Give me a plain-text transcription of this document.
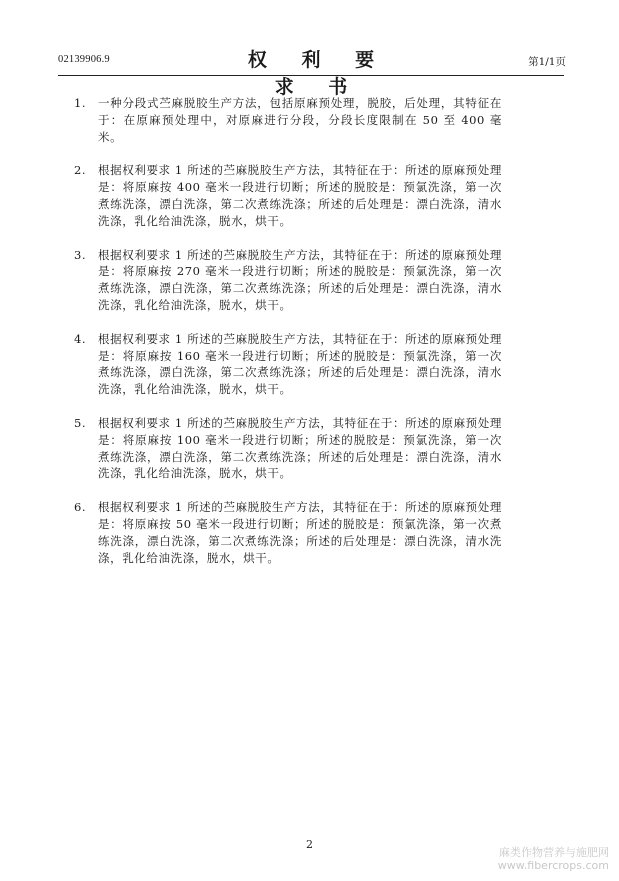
02139906.9	权 利 要 求 书
第1/1页
1. 一种分段式苎麻脱胶生产方法，包括原麻预处理，脱胶，后处理，其特征在于：在原麻预处理中，对原麻进行分段，分段长度限制在 50 至 400 毫米。
2. 根据权利要求 1 所述的苎麻脱胶生产方法，其特征在于：所述的原麻预处理是：将原麻按 400 毫米一段进行切断；所述的脱胶是：预氯洗涤，第一次煮练洗涤，漂白洗涤，第二次煮练洗涤；所述的后处理是：漂白洗涤，清水洗涤，乳化给油洗涤，脱水，烘干。
3. 根据权利要求 1 所述的苎麻脱胶生产方法，其特征在于：所述的原麻预处理是：将原麻按 270 毫米一段进行切断；所述的脱胶是：预氯洗涤，第一次煮练洗涤，漂白洗涤，第二次煮练洗涤；所述的后处理是：漂白洗涤，清水洗涤，乳化给油洗涤，脱水，烘干。
4. 根据权利要求 1 所述的苎麻脱胶生产方法，其特征在于：所述的原麻预处理是：将原麻按 160 毫米一段进行切断；所述的脱胶是：预氯洗涤，第一次煮练洗涤，漂白洗涤，第二次煮练洗涤；所述的后处理是：漂白洗涤，清水洗涤，乳化给油洗涤，脱水，烘干。
5. 根据权利要求 1 所述的苎麻脱胶生产方法，其特征在于：所述的原麻预处理是：将原麻按 100 毫米一段进行切断；所述的脱胶是：预氯洗涤，第一次煮练洗涤，漂白洗涤，第二次煮练洗涤；所述的后处理是：漂白洗涤，清水洗涤，乳化给油洗涤，脱水，烘干。
6. 根据权利要求 1 所述的苎麻脱胶生产方法，其特征在于：所述的原麻预处理是：将原麻按 50 毫米一段进行切断；所述的脱胶是：预氯洗涤，第一次煮练洗涤，漂白洗涤，第二次煮练洗涤；所述的后处理是：漂白洗涤，清水洗涤，乳化给油洗涤，脱水，烘干。
2
麻类作物营养与施肥网
www.fibercrops.com
